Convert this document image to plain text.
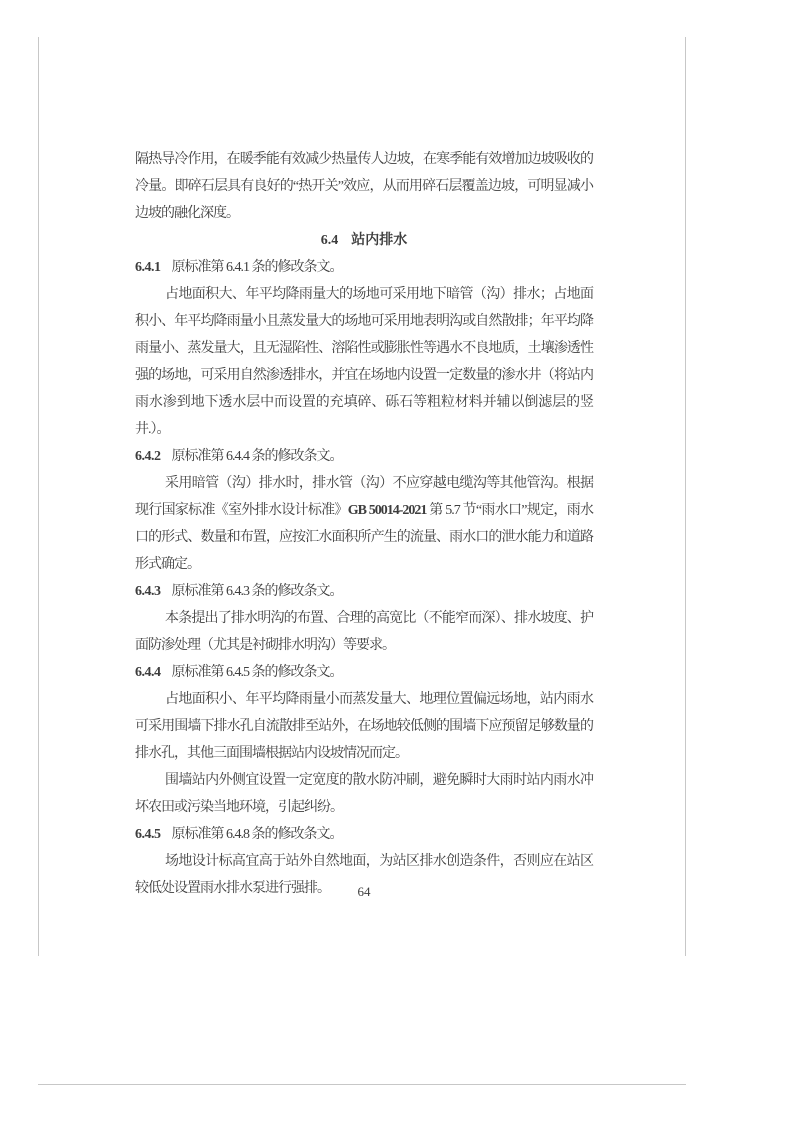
隔热导冷作用，在暖季能有效减少热量传人边坡，在寒季能有效增加边坡吸收的冷量。即碎石层具有良好的“热开关”效应，从而用碎石层覆盖边坡，可明显减小边坡的融化深度。

6.4 站内排水

6.4.1 原标准第 6.4.1 条的修改条文。

占地面积大、年平均降雨量大的场地可采用地下暗管（沟）排水；占地面积小、年平均降雨量小且蒸发量大的场地可采用地表明沟或自然散排；年平均降雨量小、蒸发量大，且无湿陷性、溶陷性或膨胀性等遇水不良地质，土壤渗透性强的场地，可采用自然渗透排水，并宜在场地内设置一定数量的渗水井（将站内雨水渗到地下透水层中而设置的充填碎、砾石等粗粒材料并辅以倒滤层的竖井.）。

6.4.2 原标准第 6.4.4 条的修改条文。

采用暗管（沟）排水时，排水管（沟）不应穿越电缆沟等其他管沟。根据现行国家标准《室外排水设计标准》GB 50014-2021 第 5.7 节“雨水口”规定，雨水口的形式、数量和布置，应按汇水面积所产生的流量、雨水口的泄水能力和道路形式确定。

6.4.3 原标准第 6.4.3 条的修改条文。

本条提出了排水明沟的布置、合理的高宽比（不能窄而深）、排水坡度、护面防渗处理（尤其是衬砌排水明沟）等要求。

6.4.4 原标准第 6.4.5 条的修改条文。

占地面积小、年平均降雨量小而蒸发量大、地理位置偏远场地，站内雨水可采用围墙下排水孔自流散排至站外，在场地较低侧的围墙下应预留足够数量的排水孔，其他三面围墙根据站内设坡情况而定。

围墙站内外侧宜设置一定宽度的散水防冲刷，避免瞬时大雨时站内雨水冲坏农田或污染当地环境，引起纠纷。

6.4.5 原标准第 6.4.8 条的修改条文。

场地设计标高宜高于站外自然地面，为站区排水创造条件，否则应在站区较低处设置雨水排水泵进行强排。	64
